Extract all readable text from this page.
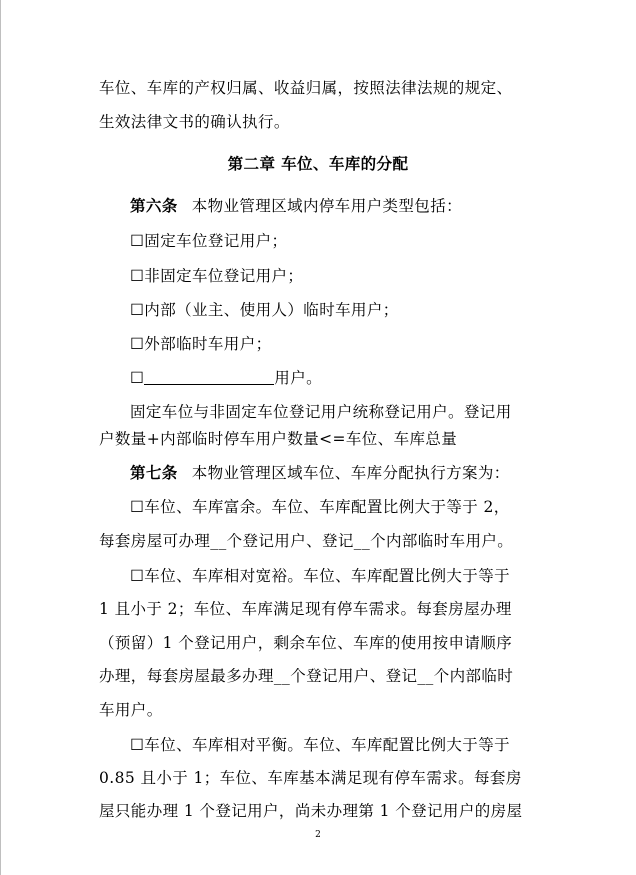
车位、车库的产权归属、收益归属，按照法律法规的规定、
生效法律文书的确认执行。
第二章 车位、车库的分配
第六条 本物业管理区域内停车用户类型包括：
☐固定车位登记用户；
☐非固定车位登记用户；
☐内部（业主、使用人）临时车用户；
☐外部临时车用户；
☐	用户。
固定车位与非固定车位登记用户统称登记用户。登记用
户数量+内部临时停车用户数量<=车位、车库总量
第七条 本物业管理区域车位、车库分配执行方案为：
☐车位、车库富余。车位、车库配置比例大于等于 2，
每套房屋可办理__个登记用户、登记__个内部临时车用户。
☐车位、车库相对宽裕。车位、车库配置比例大于等于
1 且小于 2；车位、车库满足现有停车需求。每套房屋办理
（预留）1 个登记用户，剩余车位、车库的使用按申请顺序
办理，每套房屋最多办理__个登记用户、登记__个内部临时
车用户。
☐车位、车库相对平衡。车位、车库配置比例大于等于
0.85 且小于 1；车位、车库基本满足现有停车需求。每套房
屋只能办理 1 个登记用户，尚未办理第 1 个登记用户的房屋
2
